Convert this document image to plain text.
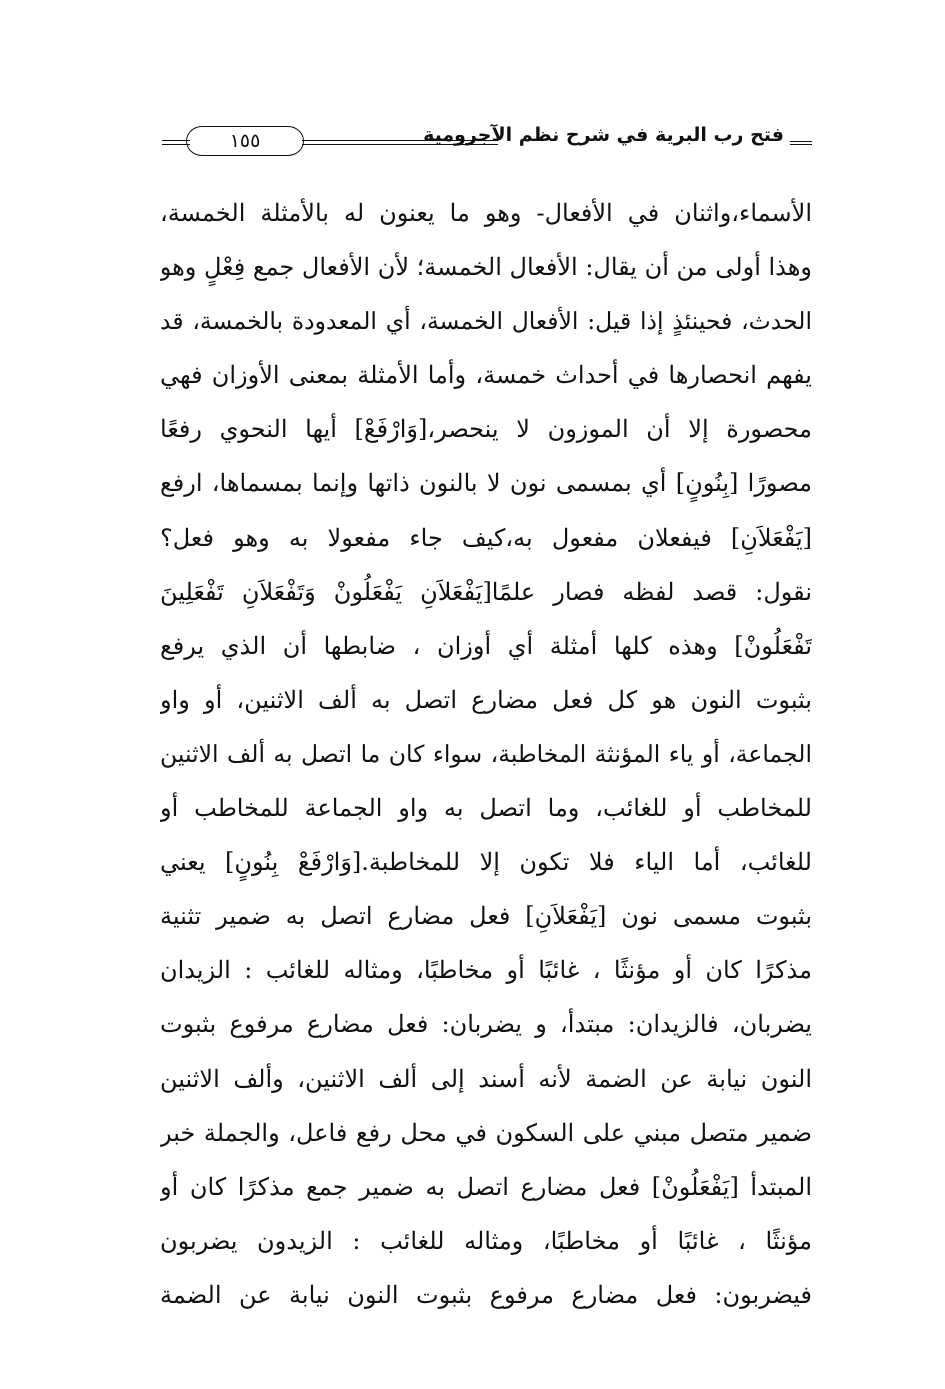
فتح رب البرية في شرح نظم الآجرومية
١٥٥
الأسماء،واثنان في الأفعال- وهو ما يعنون له بالأمثلة الخمسة،
وهذا أولى من أن يقال: الأفعال الخمسة؛ لأن الأفعال جمع فِعْلٍ وهو
الحدث، فحينئذٍ إذا قيل: الأفعال الخمسة، أي المعدودة بالخمسة، قد
يفهم انحصارها في أحداث خمسة، وأما الأمثلة بمعنى الأوزان فهي
محصورة إلا أن الموزون لا ينحصر،[وَارْفَعْ] أيها النحوي رفعًا
مصورًا [بِنُونٍ] أي بمسمى نون لا بالنون ذاتها وإنما بمسماها، ارفع
[يَفْعَلاَنِ] فيفعلان مفعول به،كيف جاء مفعولا به وهو فعل؟
نقول: قصد لفظه فصار علمًا[يَفْعَلاَنِ يَفْعَلُونْ وَتَفْعَلاَنِ تَفْعَلِينَ
تَفْعَلُونْ] وهذه كلها أمثلة أي أوزان ، ضابطها أن الذي يرفع
بثبوت النون هو كل فعل مضارع اتصل به ألف الاثنين، أو واو
الجماعة، أو ياء المؤنثة المخاطبة، سواء كان ما اتصل به ألف الاثنين
للمخاطب أو للغائب، وما اتصل به واو الجماعة للمخاطب أو
للغائب، أما الياء فلا تكون إلا للمخاطبة.[وَارْفَعْ بِنُونٍ] يعني
بثبوت مسمى نون [يَفْعَلاَنِ] فعل مضارع اتصل به ضمير تثنية
مذكرًا كان أو مؤنثًا ، غائبًا أو مخاطبًا، ومثاله للغائب : الزيدان
يضربان، فالزيدان: مبتدأ، و يضربان: فعل مضارع مرفوع بثبوت
النون نيابة عن الضمة لأنه أسند إلى ألف الاثنين، وألف الاثنين
ضمير متصل مبني على السكون في محل رفع فاعل، والجملة خبر
المبتدأ [يَفْعَلُونْ] فعل مضارع اتصل به ضمير جمع مذكرًا كان أو
مؤنثًا ، غائبًا أو مخاطبًا، ومثاله للغائب : الزيدون يضربون
فيضربون: فعل مضارع مرفوع بثبوت النون نيابة عن الضمة
